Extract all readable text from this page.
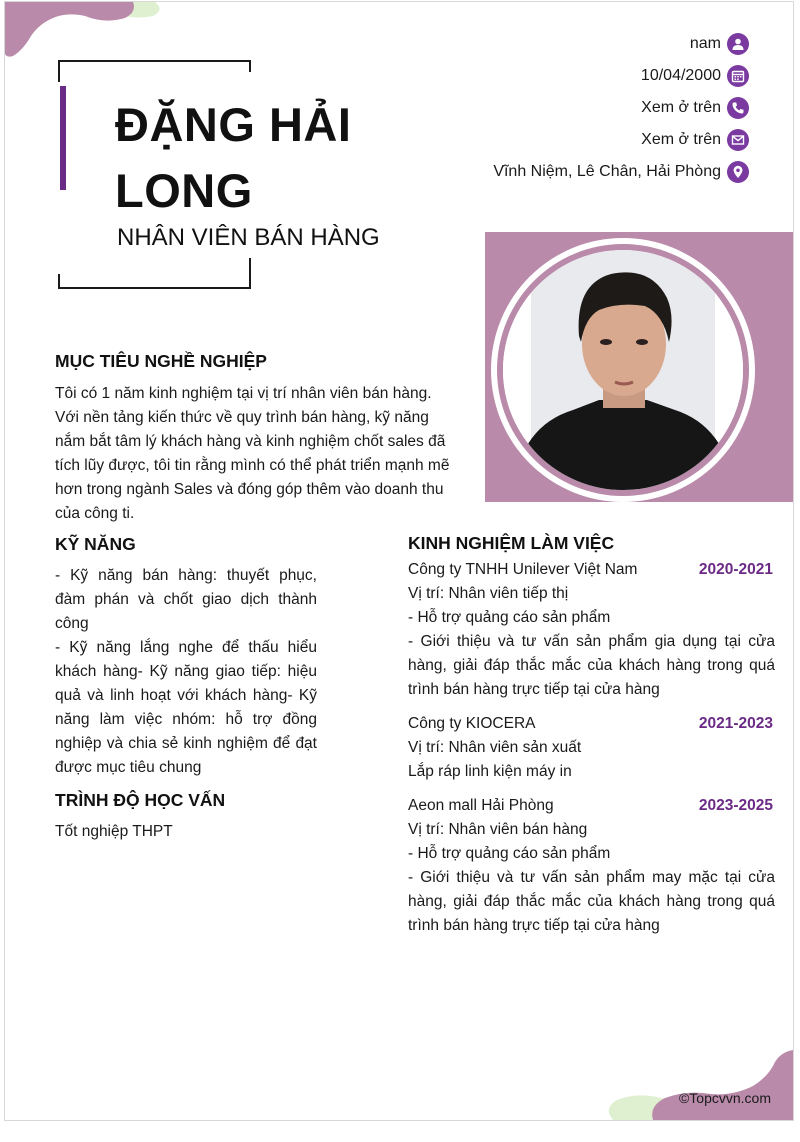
ĐẶNG HẢI LONG
NHÂN VIÊN BÁN HÀNG
nam
10/04/2000
Xem ở trên
Xem ở trên
Vĩnh Niệm, Lê Chân, Hải Phòng
MỤC TIÊU NGHỀ NGHIỆP
Tôi có 1 năm kinh nghiệm tại vị trí nhân viên bán hàng. Với nền tảng kiến thức về quy trình bán hàng, kỹ năng nắm bắt tâm lý khách hàng và kinh nghiệm chốt sales đã tích lũy được, tôi tin rằng mình có thể phát triển mạnh mẽ hơn trong ngành Sales và đóng góp thêm vào doanh thu của công ti.
KỸ NĂNG
- Kỹ năng bán hàng: thuyết phục, đàm phán và chốt giao dịch thành công
- Kỹ năng lắng nghe để thấu hiểu khách hàng- Kỹ năng giao tiếp: hiệu quả và linh hoạt với khách hàng- Kỹ năng làm việc nhóm: hỗ trợ đồng nghiệp và chia sẻ kinh nghiệm để đạt được mục tiêu chung
TRÌNH ĐỘ HỌC VẤN
Tốt nghiệp THPT
KINH NGHIỆM LÀM VIỆC
Công ty TNHH Unilever Việt Nam	2020-2021
Vị trí: Nhân viên tiếp thị
- Hỗ trợ quảng cáo sản phẩm
- Giới thiệu và tư vấn sản phẩm gia dụng tại cửa hàng, giải đáp thắc mắc của khách hàng trong quá trình bán hàng trực tiếp tại cửa hàng
Công ty KIOCERA	2021-2023
Vị trí: Nhân viên sản xuất
Lắp ráp linh kiện máy in
Aeon mall Hải Phòng	2023-2025
Vị trí: Nhân viên bán hàng
- Hỗ trợ quảng cáo sản phẩm
- Giới thiệu và tư vấn sản phẩm may mặc tại cửa hàng, giải đáp thắc mắc của khách hàng trong quá trình bán hàng trực tiếp tại cửa hàng
©Topcvvn.com
